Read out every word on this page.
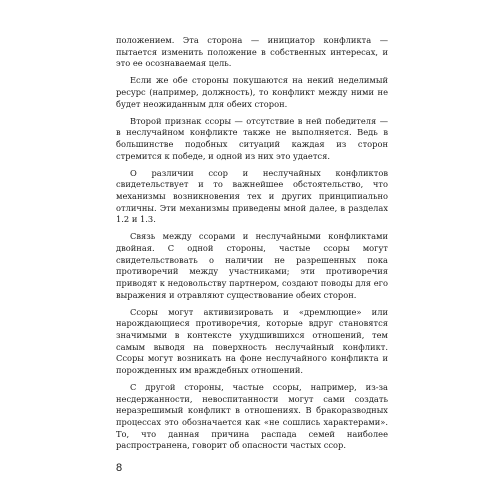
положением. Эта сторона — инициатор конфликта — пытается изменить положение в собственных интересах, и это ее осознаваемая цель.

Если же обе стороны покушаются на некий неделимый ресурс (например, должность), то конфликт между ними не будет неожиданным для обеих сторон.

Второй признак ссоры — отсутствие в ней победителя — в неслучайном конфликте также не выполняется. Ведь в большинстве подобных ситуаций каждая из сторон стремится к победе, и одной из них это удается.

О различии ссор и неслучайных конфликтов свидетельствует и то важнейшее обстоятельство, что механизмы возникновения тех и других принципиально отличны. Эти механизмы приведены мной далее, в разделах 1.2 и 1.3.

Связь между ссорами и неслучайными конфликтами двойная. С одной стороны, частые ссоры могут свидетельствовать о наличии не разрешенных пока противоречий между участниками; эти противоречия приводят к недовольству партнером, создают поводы для его выражения и отравляют существование обеих сторон.

Ссоры могут активизировать и «дремлющие» или нарождающиеся противоречия, которые вдруг становятся значимыми в контексте ухудшившихся отношений, тем самым выводя на поверхность неслучайный конфликт. Ссоры могут возникать на фоне неслучайного конфликта и порожденных им враждебных отношений.

С другой стороны, частые ссоры, например, из-за несдержанности, невоспитанности могут сами создать неразрешимый конфликт в отношениях. В бракоразводных процессах это обозначается как «не сошлись характерами». То, что данная причина распада семей наиболее распространена, говорит об опасности частых ссор.

8
